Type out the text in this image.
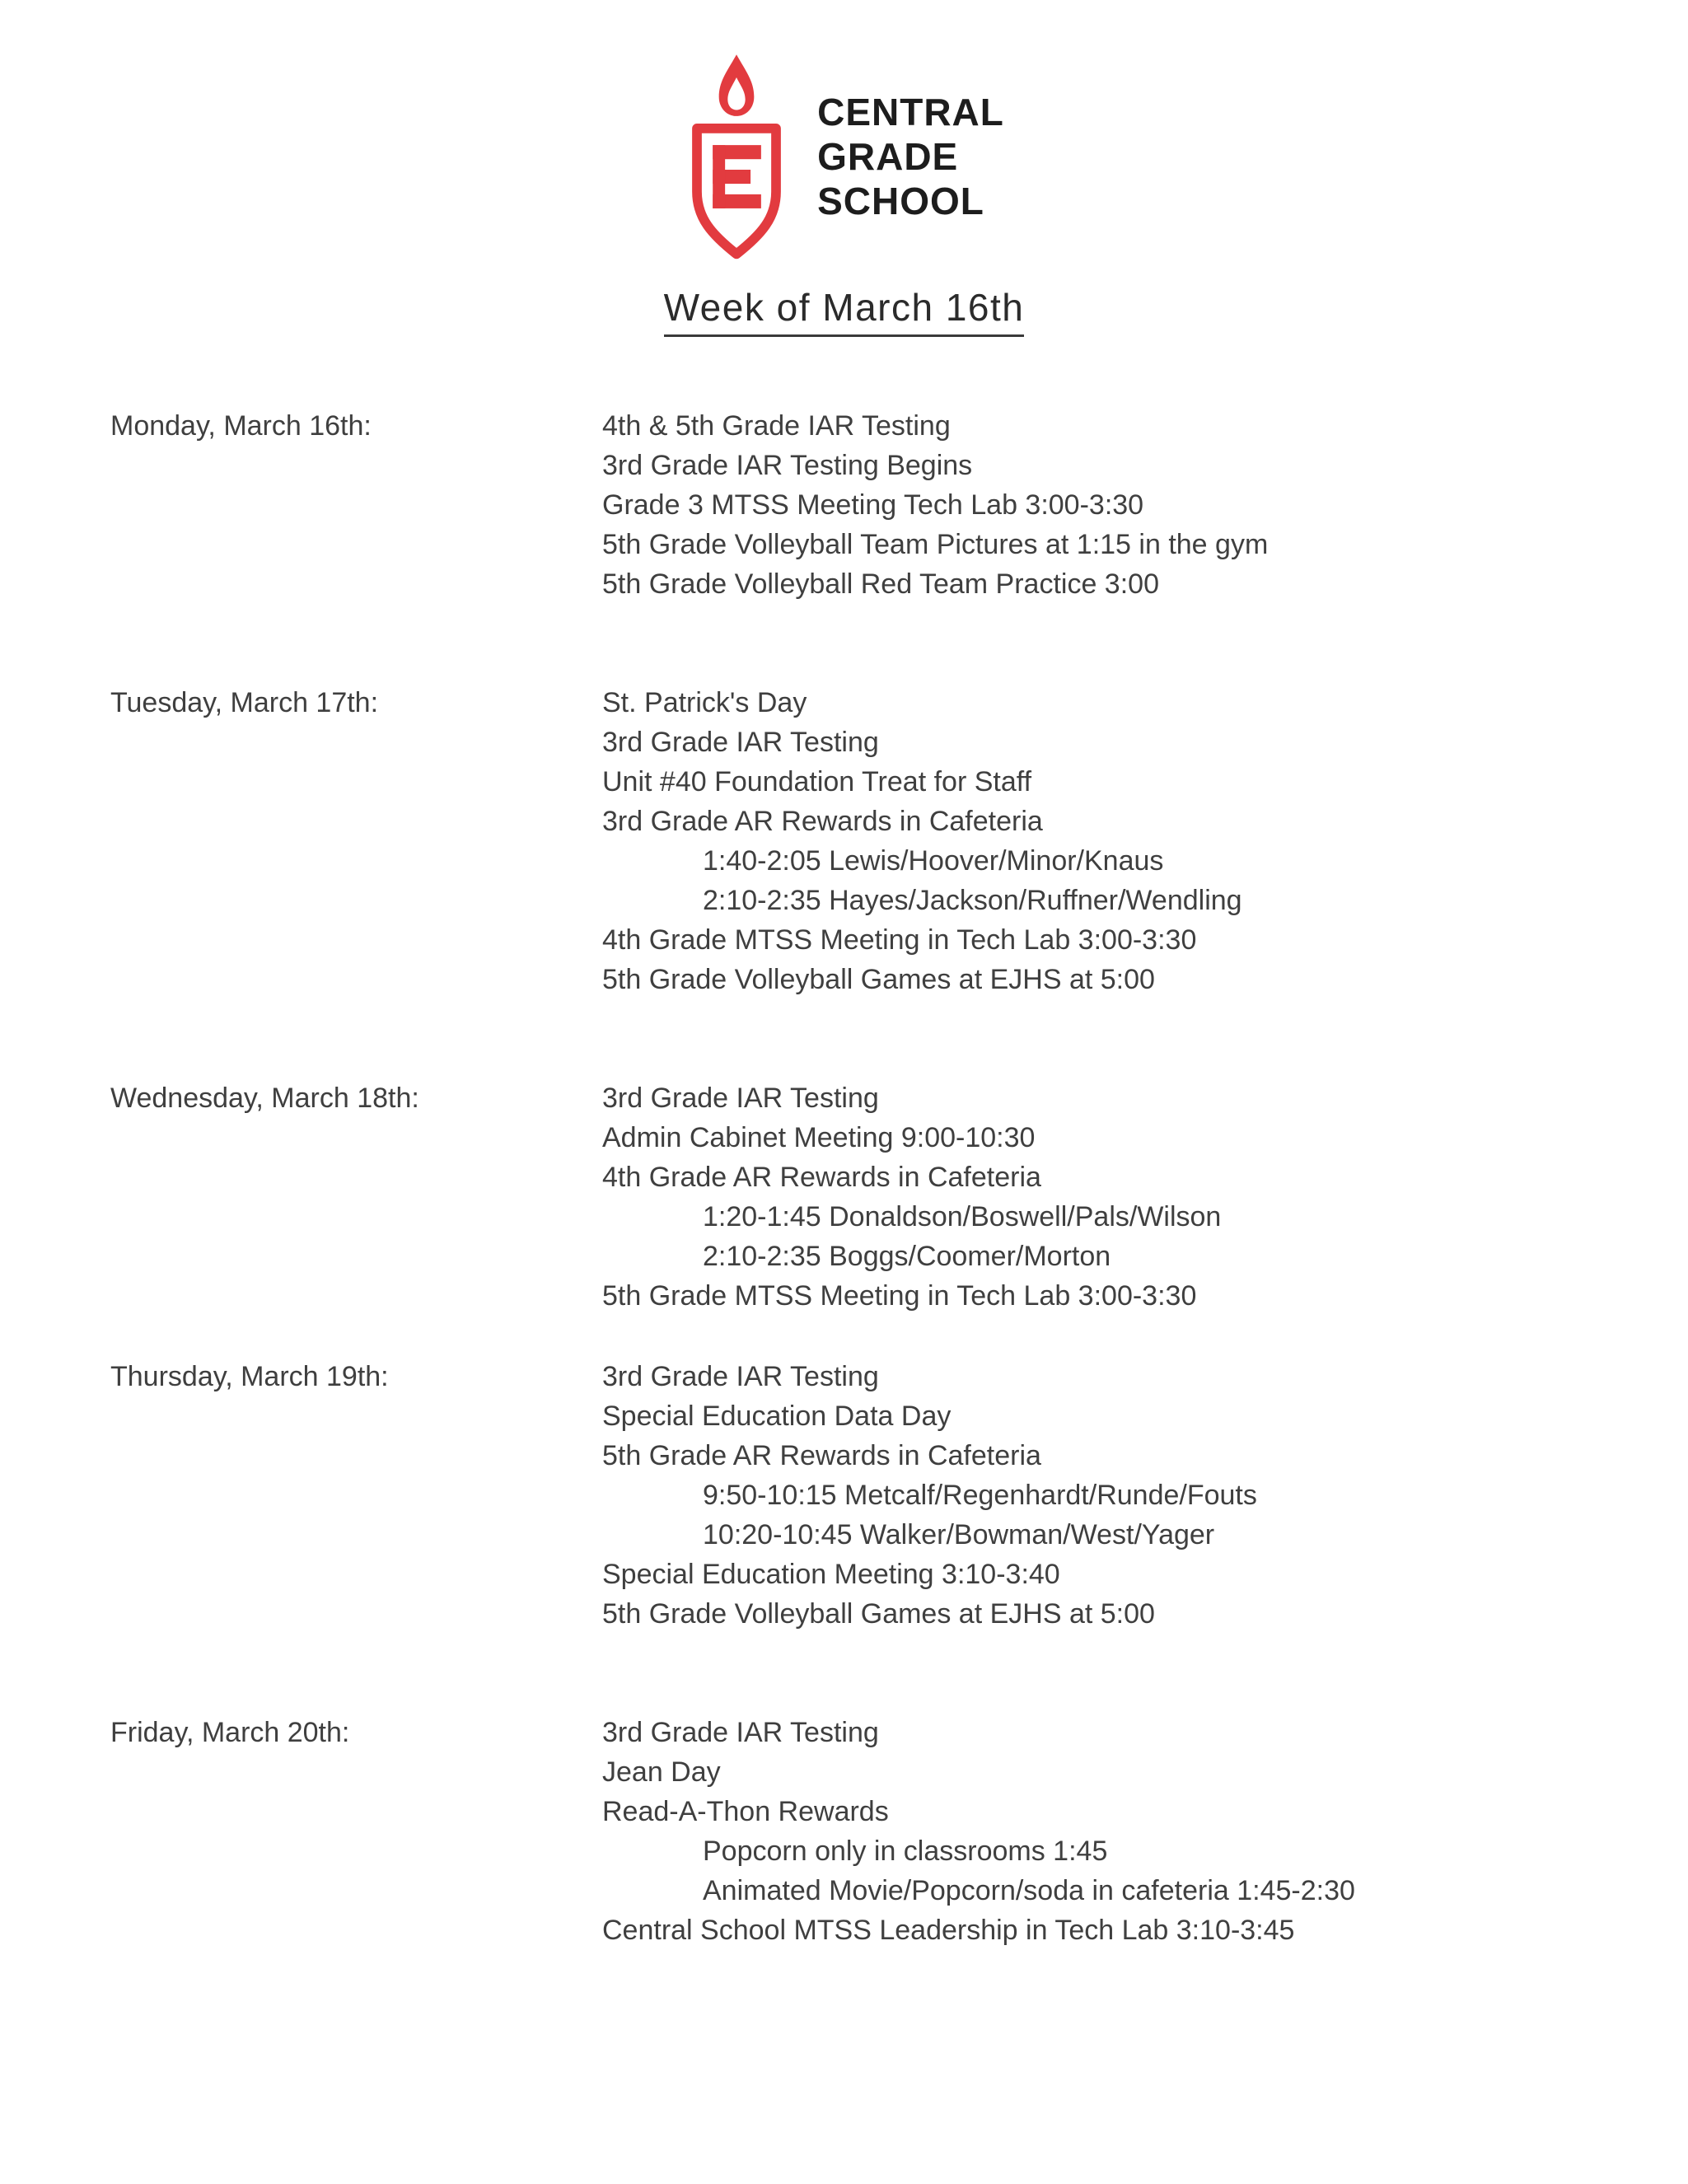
CENTRAL
GRADE
SCHOOL
Week of March 16th
Monday, March 16th:	4th & 5th Grade IAR Testing
3rd Grade IAR Testing Begins
Grade 3 MTSS Meeting Tech Lab 3:00-3:30
5th Grade Volleyball Team Pictures at 1:15 in the gym
5th Grade Volleyball Red Team Practice 3:00
Tuesday, March 17th:	St. Patrick's Day
3rd Grade IAR Testing
Unit #40 Foundation Treat for Staff
3rd Grade AR Rewards in Cafeteria
1:40-2:05 Lewis/Hoover/Minor/Knaus
2:10-2:35 Hayes/Jackson/Ruffner/Wendling
4th Grade MTSS Meeting in Tech Lab 3:00-3:30
5th Grade Volleyball Games at EJHS at 5:00
Wednesday, March 18th:	3rd Grade IAR Testing
Admin Cabinet Meeting 9:00-10:30
4th Grade AR Rewards in Cafeteria
1:20-1:45 Donaldson/Boswell/Pals/Wilson
2:10-2:35 Boggs/Coomer/Morton
5th Grade MTSS Meeting in Tech Lab 3:00-3:30
Thursday, March 19th:	3rd Grade IAR Testing
Special Education Data Day
5th Grade AR Rewards in Cafeteria
9:50-10:15 Metcalf/Regenhardt/Runde/Fouts
10:20-10:45 Walker/Bowman/West/Yager
Special Education Meeting 3:10-3:40
5th Grade Volleyball Games at EJHS at 5:00
Friday, March 20th:	3rd Grade IAR Testing
Jean Day
Read-A-Thon Rewards
Popcorn only in classrooms 1:45
Animated Movie/Popcorn/soda in cafeteria 1:45-2:30
Central School MTSS Leadership in Tech Lab 3:10-3:45
